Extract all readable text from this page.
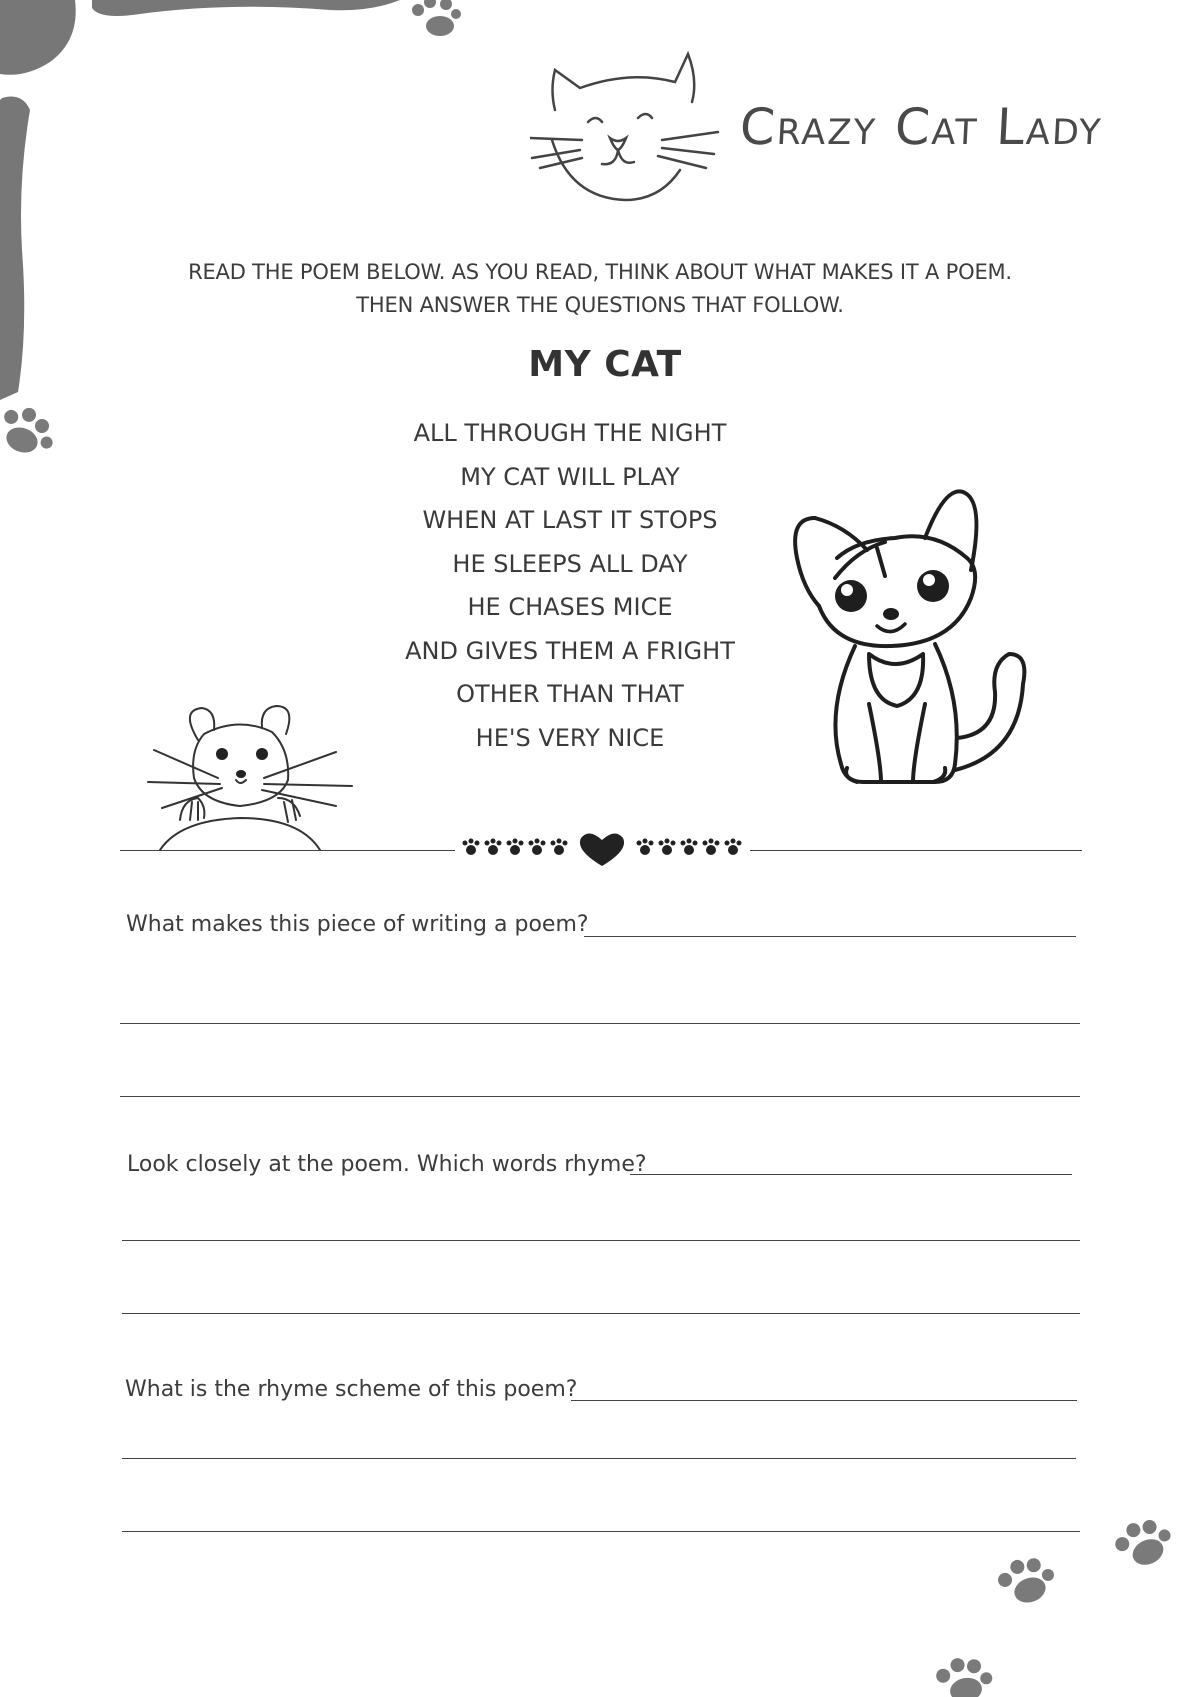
Crazy Cat Lady
READ THE POEM BELOW. AS YOU READ, THINK ABOUT WHAT MAKES IT A POEM.
THEN ANSWER THE QUESTIONS THAT FOLLOW.
MY CAT
ALL THROUGH THE NIGHT
MY CAT WILL PLAY
WHEN AT LAST IT STOPS
HE SLEEPS ALL DAY
HE CHASES MICE
AND GIVES THEM A FRIGHT
OTHER THAN THAT
HE'S VERY NICE
What makes this piece of writing a poem?
Look closely at the poem. Which words rhyme?
What is the rhyme scheme of this poem?
